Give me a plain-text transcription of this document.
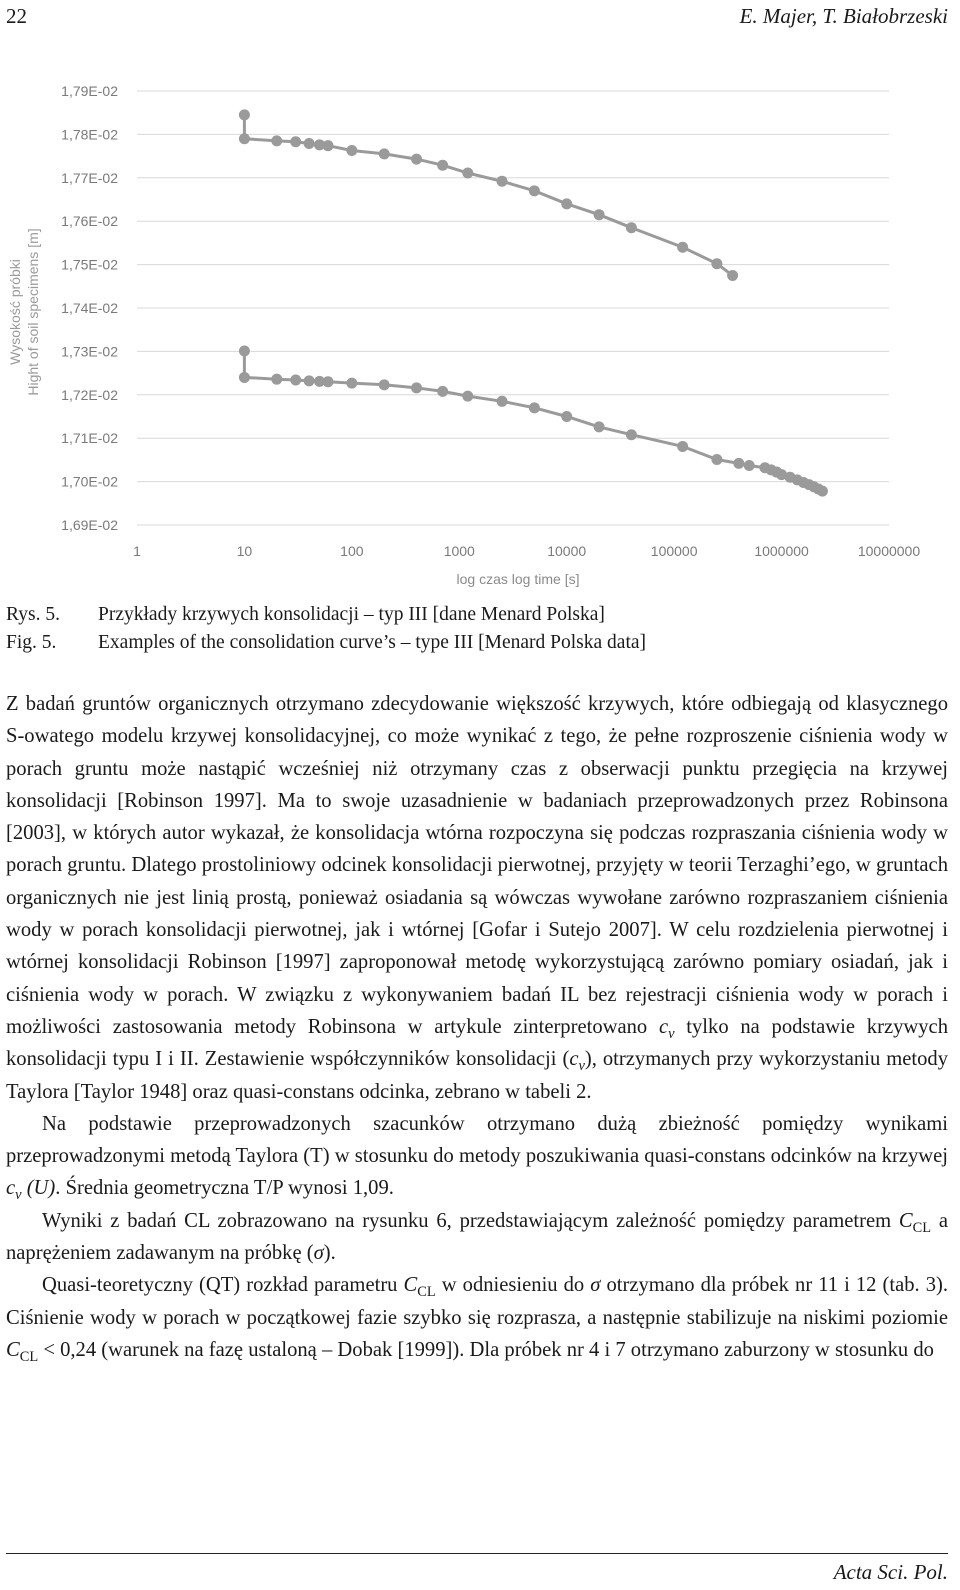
22	E. Majer, T. Białobrzeski
1,69E-02
1,70E-02
1,71E-02
1,72E-02
1,73E-02
1,74E-02
1,75E-02
1,76E-02
1,77E-02
1,78E-02
1,79E-02
1	10	100	1000	10000	100000	1000000	10000000
Wysokość próbki Hight of soil specimens [m]
log czas log time [s]
Rys. 5. Przykłady krzywych konsolidacji – typ III [dane Menard Polska]
Fig. 5. Examples of the consolidation curve’s – type III [Menard Polska data]

Z badań gruntów organicznych otrzymano zdecydowanie większość krzywych, które odbiegają od klasycznego S-owatego modelu krzywej konsolidacyjnej, co może wynikać z tego, że pełne rozproszenie ciśnienia wody w porach gruntu może nastąpić wcześniej niż otrzymany czas z obserwacji punktu przegięcia na krzywej konsolidacji [Robinson 1997]. Ma to swoje uzasadnienie w badaniach przeprowadzonych przez Robinsona [2003], w których autor wykazał, że konsolidacja wtórna rozpoczyna się podczas rozpraszania ciśnienia wody w porach gruntu. Dlatego prostoliniowy odcinek konsolidacji pierwotnej, przyjęty w teorii Terzaghi’ego, w gruntach organicznych nie jest linią prostą, ponieważ osiadania są wówczas wywołane zarówno rozpraszaniem ciśnienia wody w porach konsolidacji pierwotnej, jak i wtórnej [Gofar i Sutejo 2007]. W celu rozdzielenia pierwotnej i wtórnej konsolidacji Robinson [1997] zaproponował metodę wykorzystującą zarówno pomiary osiadań, jak i ciśnienia wody w porach. W związku z wykonywaniem badań IL bez rejestracji ciśnienia wody w porach i możliwości zastosowania metody Robinsona w artykule zinterpretowano $c_v$ tylko na podstawie krzywych konsolidacji typu I i II. Zestawienie współczynników konsolidacji $(c_v)$, otrzymanych przy wykorzystaniu metody Taylora [Taylor 1948] oraz quasi-constans odcinka, zebrano w tabeli 2.

Na podstawie przeprowadzonych szacunków otrzymano dużą zbieżność pomiędzy wynikami przeprowadzonymi metodą Taylora (T) w stosunku do metody poszukiwania quasi-constans odcinków na krzywej $c_v$ (U). Średnia geometryczna T/P wynosi 1,09.

Wyniki z badań CL zobrazowano na rysunku 6, przedstawiającym zależność pomiędzy parametrem $C_{CL}$ a naprężeniem zadawanym na próbkę (σ).

Quasi-teoretyczny (QT) rozkład parametru $C_{CL}$ w odniesieniu do σ otrzymano dla próbek nr 11 i 12 (tab. 3). Ciśnienie wody w porach w początkowej fazie szybko się rozprasza, a następnie stabilizuje na niskimi poziomie $C_{CL} < 0,24$ (warunek na fazę ustaloną – Dobak [1999]). Dla próbek nr 4 i 7 otrzymano zaburzony w stosunku do

Acta Sci. Pol.
